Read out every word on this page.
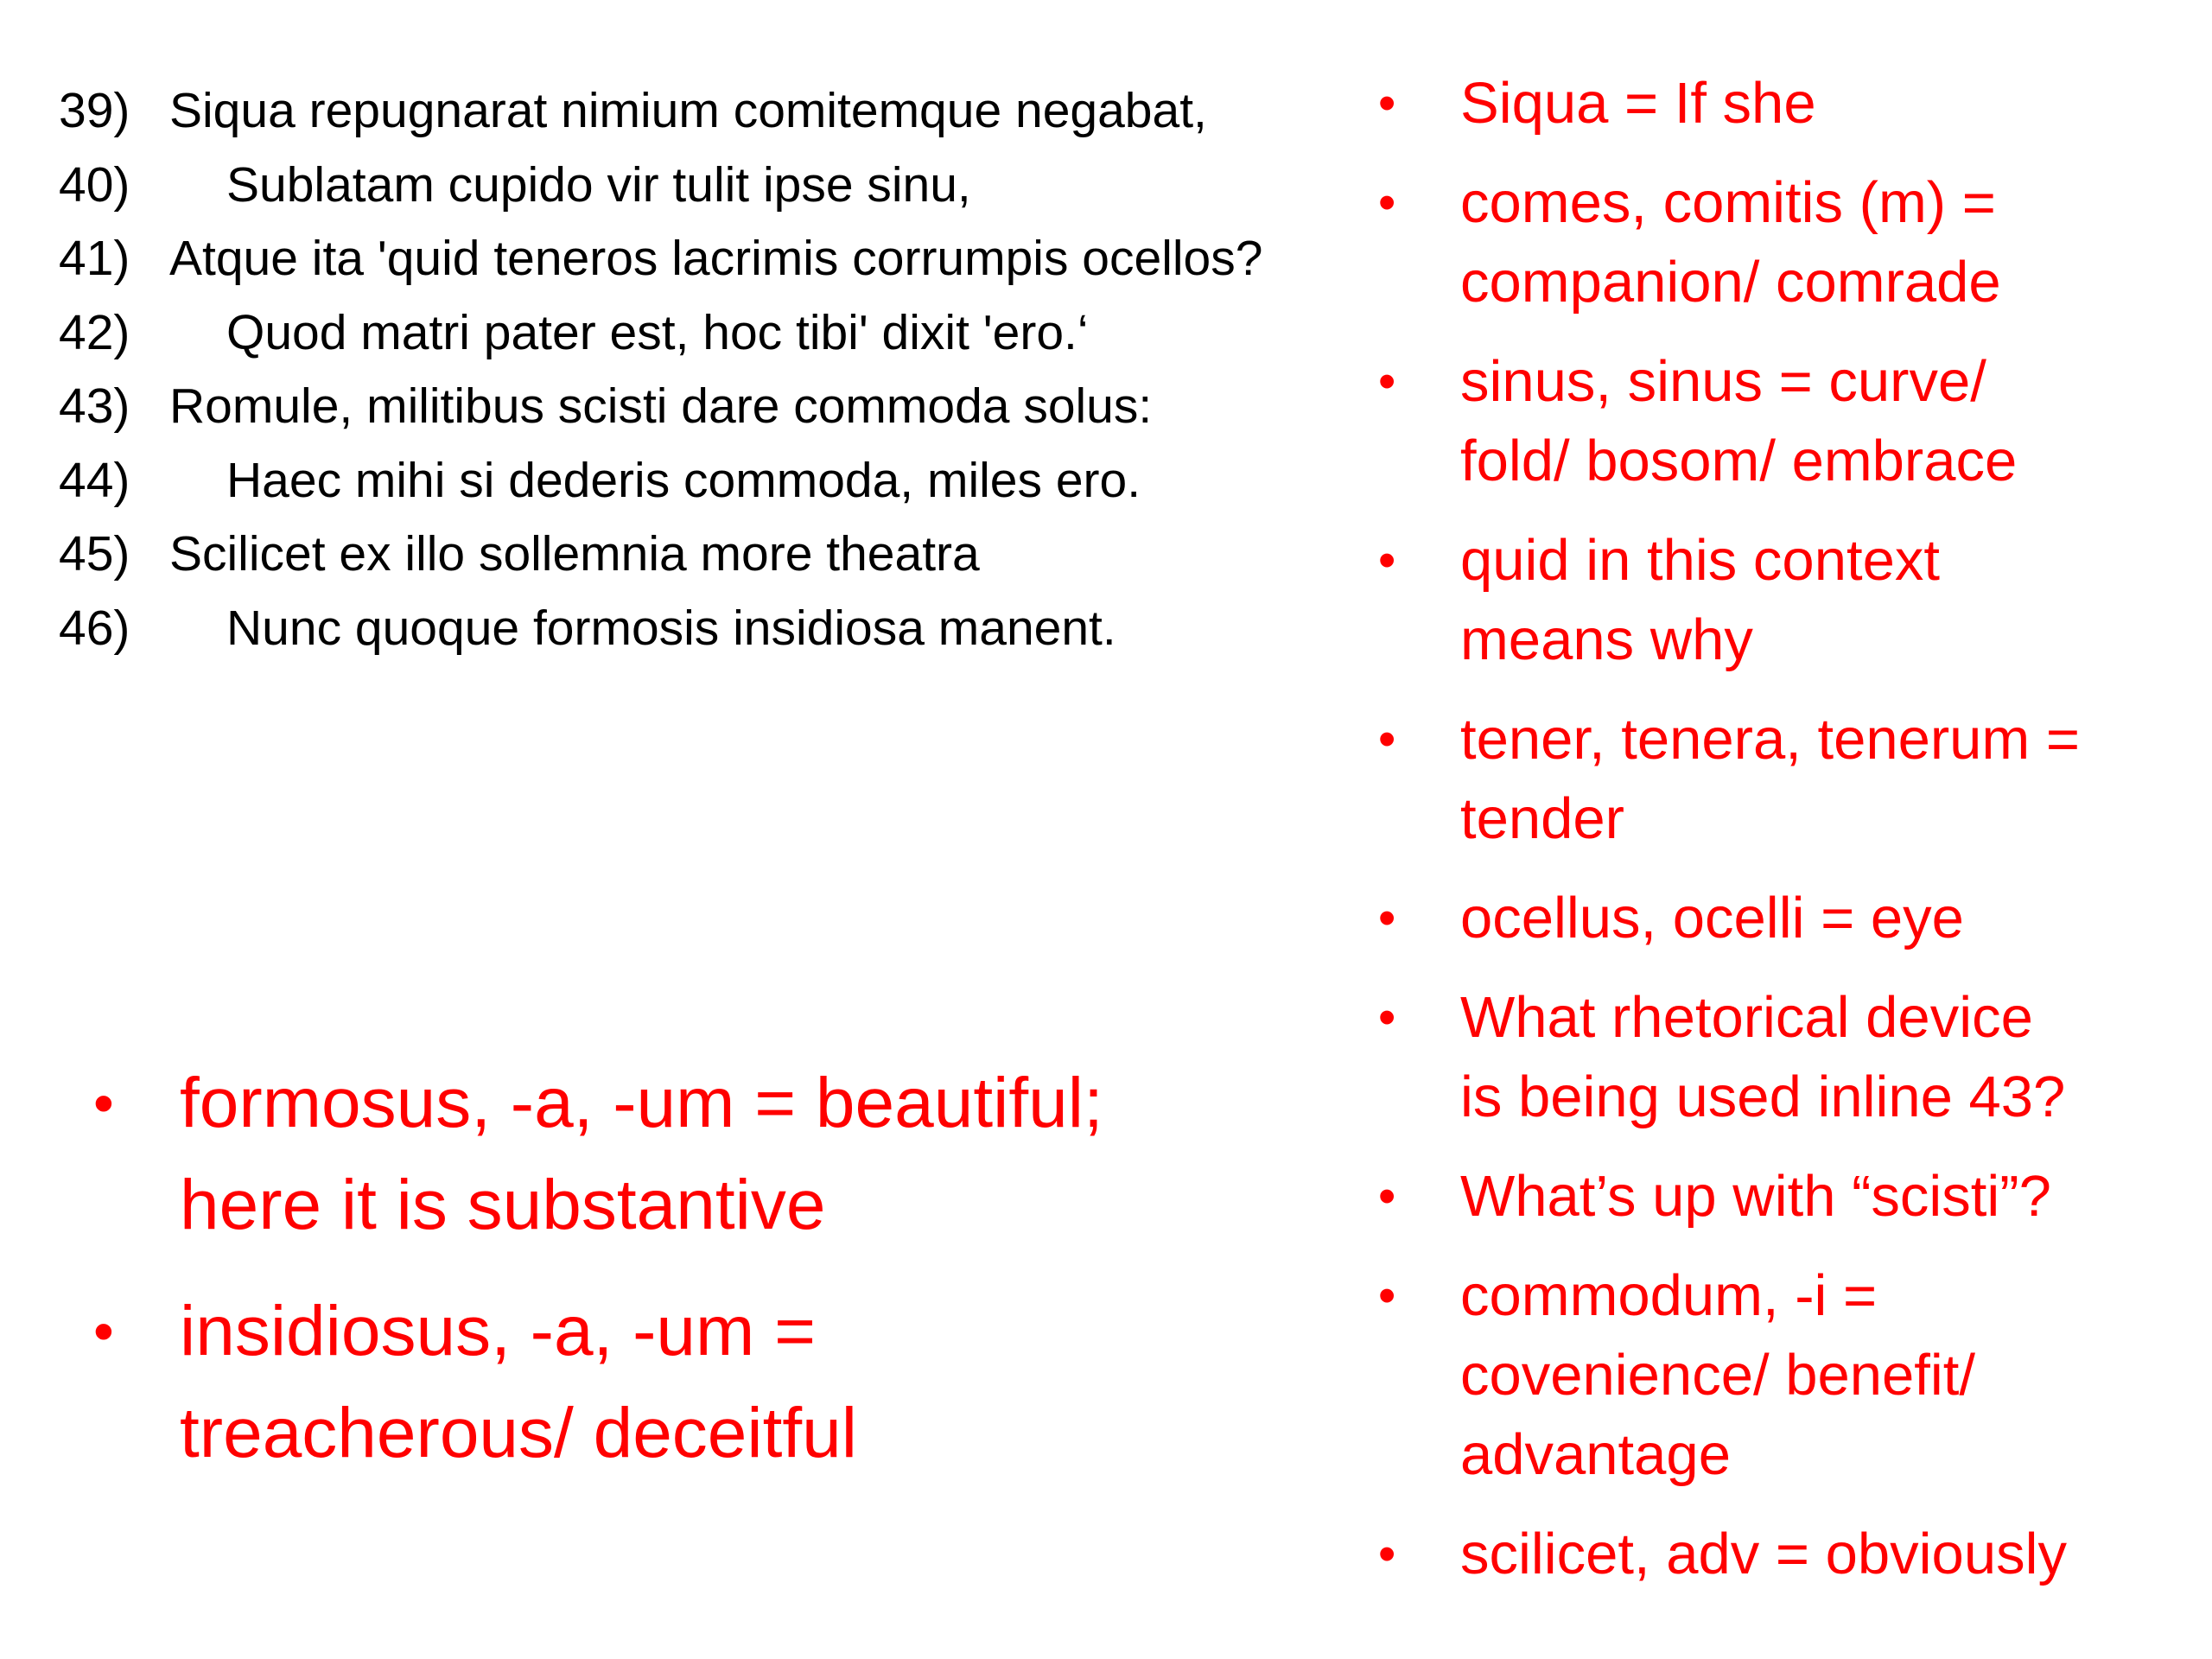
39) Siqua repugnarat nimium comitemque negabat,
40) Sublatam cupido vir tulit ipse sinu,
41) Atque ita 'quid teneros lacrimis corrumpis ocellos?
42) Quod matri pater est, hoc tibi' dixit 'ero.‘
43) Romule, militibus scisti dare commoda solus:
44) Haec mihi si dederis commoda, miles ero.
45) Scilicet ex illo sollemnia more theatra
46) Nunc quoque formosis insidiosa manent.
• Siqua = If she
• comes, comitis (m) =
companion/ comrade
• sinus, sinus = curve/
fold/ bosom/ embrace
• quid in this context
means why
• tener, tenera, tenerum =
tender
• ocellus, ocelli = eye
• What rhetorical device
is being used inline 43?
• What’s up with “scisti”?
• commodum, -i =
covenience/ benefit/
advantage
• scilicet, adv = obviously
• formosus, -a, -um = beautiful;
here it is substantive
• insidiosus, -a, -um =
treacherous/ deceitful
